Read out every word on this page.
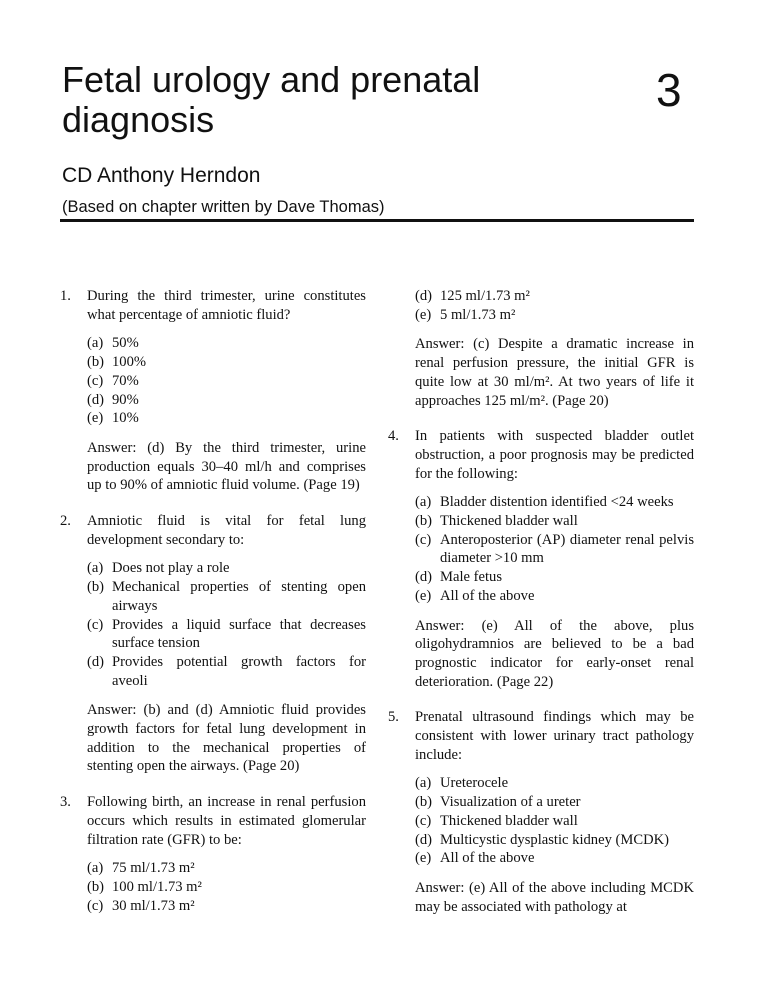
Fetal urology and prenatal diagnosis
3
CD Anthony Herndon
(Based on chapter written by Dave Thomas)
1. During the third trimester, urine constitutes what percentage of amniotic fluid?
(a) 50%
(b) 100%
(c) 70%
(d) 90%
(e) 10%
Answer: (d) By the third trimester, urine production equals 30–40 ml/h and comprises up to 90% of amniotic fluid volume. (Page 19)
2. Amniotic fluid is vital for fetal lung development secondary to:
(a) Does not play a role
(b) Mechanical properties of stenting open airways
(c) Provides a liquid surface that decreases surface tension
(d) Provides potential growth factors for aveoli
Answer: (b) and (d) Amniotic fluid provides growth factors for fetal lung development in addition to the mechanical properties of stenting open the airways. (Page 20)
3. Following birth, an increase in renal perfusion occurs which results in estimated glomerular filtration rate (GFR) to be:
(a) 75 ml/1.73 m²
(b) 100 ml/1.73 m²
(c) 30 ml/1.73 m²
(d) 125 ml/1.73 m²
(e) 5 ml/1.73 m²
Answer: (c) Despite a dramatic increase in renal perfusion pressure, the initial GFR is quite low at 30 ml/m². At two years of life it approaches 125 ml/m². (Page 20)
4. In patients with suspected bladder outlet obstruction, a poor prognosis may be predicted for the following:
(a) Bladder distention identified <24 weeks
(b) Thickened bladder wall
(c) Anteroposterior (AP) diameter renal pelvis diameter >10 mm
(d) Male fetus
(e) All of the above
Answer: (e) All of the above, plus oligohydramnios are believed to be a bad prognostic indicator for early-onset renal deterioration. (Page 22)
5. Prenatal ultrasound findings which may be consistent with lower urinary tract pathology include:
(a) Ureterocele
(b) Visualization of a ureter
(c) Thickened bladder wall
(d) Multicystic dysplastic kidney (MCDK)
(e) All of the above
Answer: (e) All of the above including MCDK may be associated with pathology at
